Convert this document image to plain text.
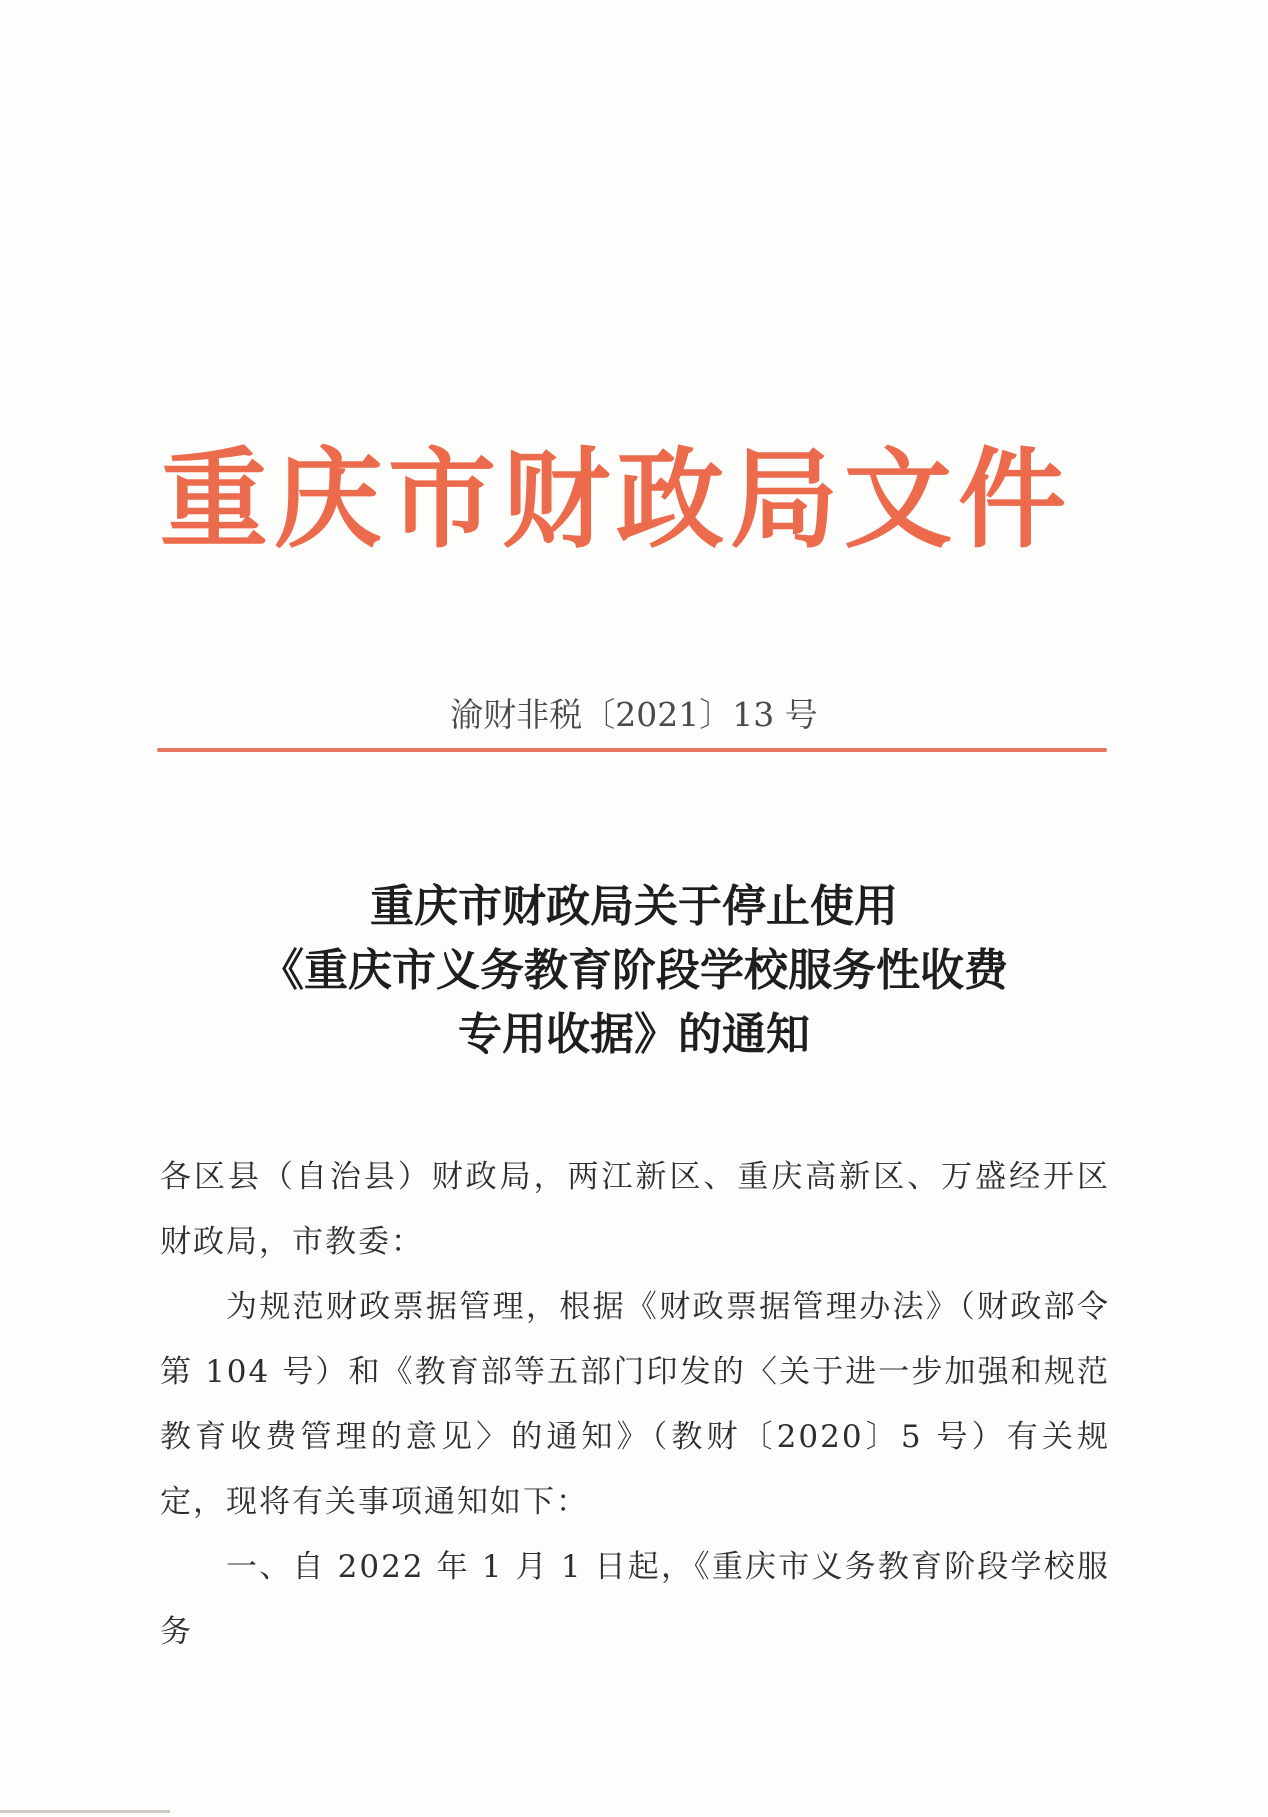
重庆市财政局文件
渝财非税〔2021〕13 号
重庆市财政局关于停止使用
《重庆市义务教育阶段学校服务性收费
专用收据》的通知

各区县（自治县）财政局，两江新区、重庆高新区、万盛经开区财政局，市教委：

为规范财政票据管理，根据《财政票据管理办法》（财政部令第 104 号）和《教育部等五部门印发的〈关于进一步加强和规范教育收费管理的意见〉的通知》（教财〔2020〕5 号）有关规定，现将有关事项通知如下：

一、自 2022 年 1 月 1 日起，《重庆市义务教育阶段学校服务
